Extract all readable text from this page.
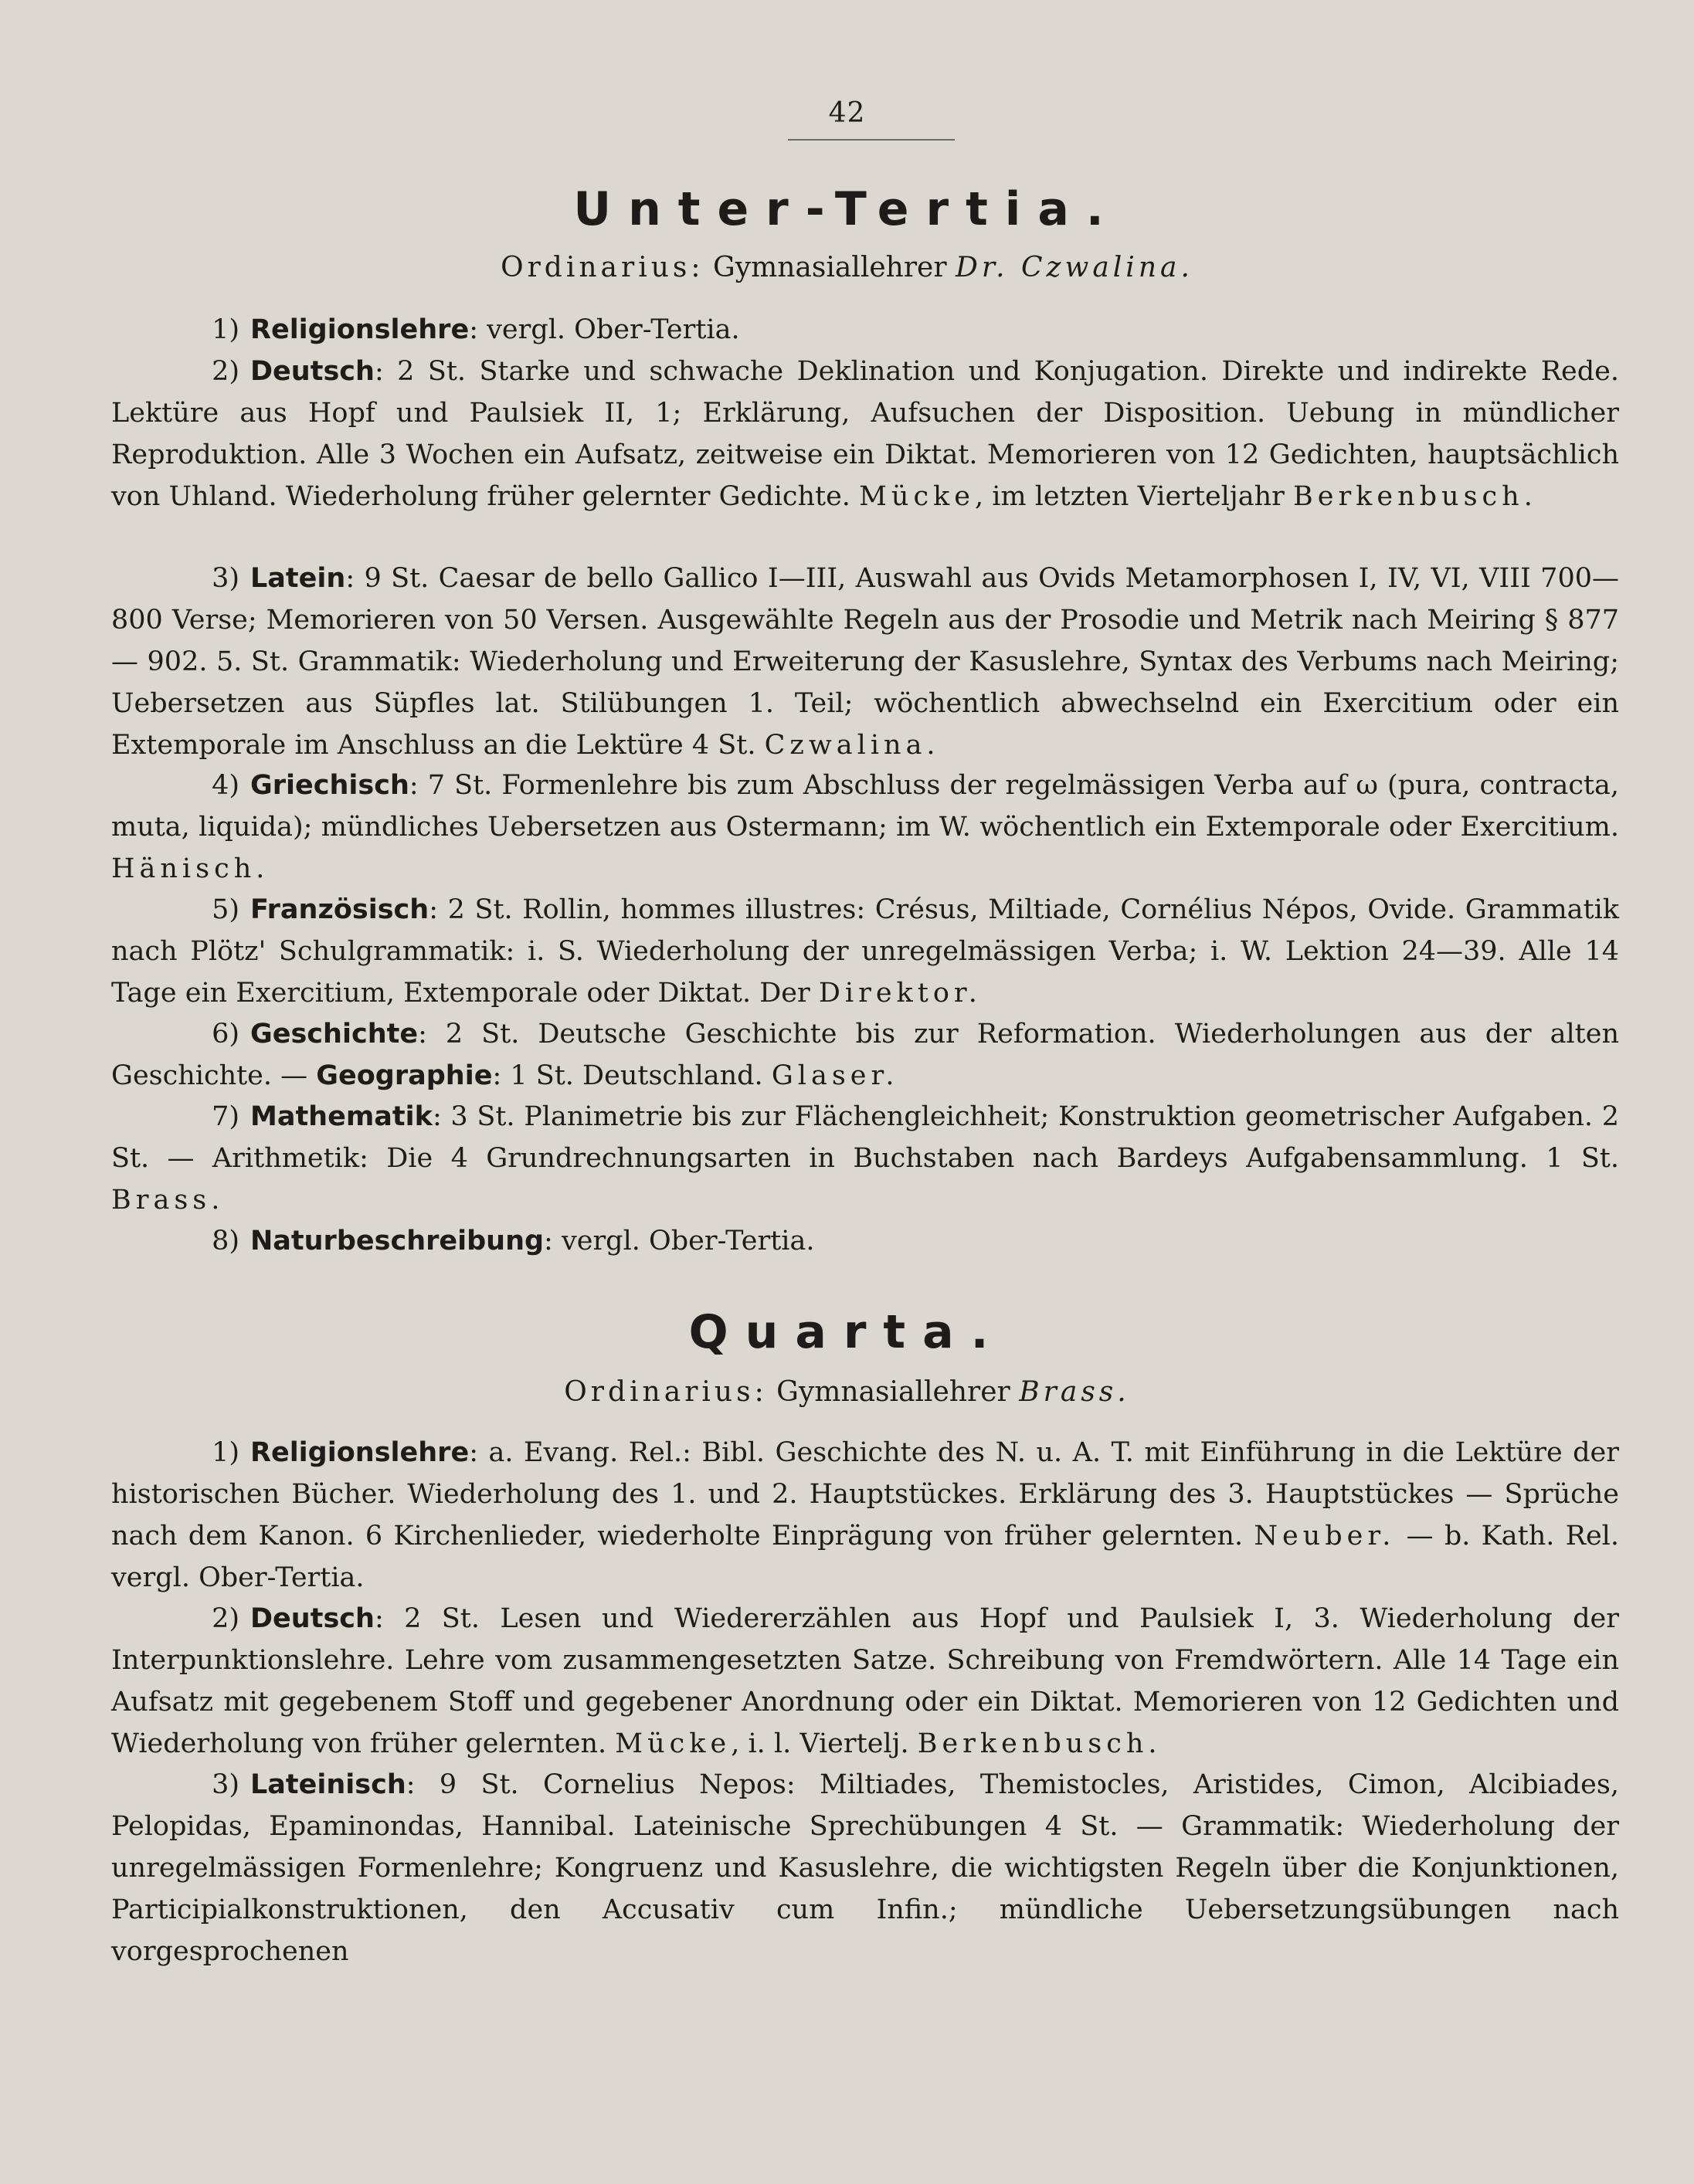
42
Unter-Tertia.
Ordinarius: Gymnasiallehrer Dr. Czwalina.
1) Religionslehre: vergl. Ober-Tertia.
2) Deutsch: 2 St. Starke und schwache Deklination und Konjugation. Direkte und indirekte Rede. Lektüre aus Hopf und Paulsiek II, 1; Erklärung, Aufsuchen der Disposition. Uebung in mündlicher Reproduktion. Alle 3 Wochen ein Aufsatz, zeitweise ein Diktat. Memorieren von 12 Gedichten, hauptsächlich von Uhland. Wiederholung früher gelernter Gedichte. Mücke, im letzten Vierteljahr Berkenbusch.
3) Latein: 9 St. Caesar de bello Gallico I—III, Auswahl aus Ovids Metamorphosen I, IV, VI, VIII 700—800 Verse; Memorieren von 50 Versen. Ausgewählte Regeln aus der Prosodie und Metrik nach Meiring § 877 — 902. 5. St. Grammatik: Wiederholung und Erweiterung der Kasuslehre, Syntax des Verbums nach Meiring; Uebersetzen aus Süpfles lat. Stilübungen 1. Teil; wöchentlich abwechselnd ein Exercitium oder ein Extemporale im Anschluss an die Lektüre 4 St. Czwalina.
4) Griechisch: 7 St. Formenlehre bis zum Abschluss der regelmässigen Verba auf ω (pura, contracta, muta, liquida); mündliches Uebersetzen aus Ostermann; im W. wöchentlich ein Extemporale oder Exercitium. Hänisch.
5) Französisch: 2 St. Rollin, hommes illustres: Crésus, Miltiade, Cornélius Népos, Ovide. Grammatik nach Plötz' Schulgrammatik: i. S. Wiederholung der unregelmässigen Verba; i. W. Lektion 24—39. Alle 14 Tage ein Exercitium, Extemporale oder Diktat. Der Direktor.
6) Geschichte: 2 St. Deutsche Geschichte bis zur Reformation. Wiederholungen aus der alten Geschichte. — Geographie: 1 St. Deutschland. Glaser.
7) Mathematik: 3 St. Planimetrie bis zur Flächengleichheit; Konstruktion geometrischer Aufgaben. 2 St. — Arithmetik: Die 4 Grundrechnungsarten in Buchstaben nach Bardeys Aufgabensammlung. 1 St. Brass.
8) Naturbeschreibung: vergl. Ober-Tertia.
Quarta.
Ordinarius: Gymnasiallehrer Brass.
1) Religionslehre: a. Evang. Rel.: Bibl. Geschichte des N. u. A. T. mit Einführung in die Lektüre der historischen Bücher. Wiederholung des 1. und 2. Hauptstückes. Erklärung des 3. Hauptstückes — Sprüche nach dem Kanon. 6 Kirchenlieder, wiederholte Einprägung von früher gelernten. Neuber. — b. Kath. Rel. vergl. Ober-Tertia.
2) Deutsch: 2 St. Lesen und Wiedererzählen aus Hopf und Paulsiek I, 3. Wiederholung der Interpunktionslehre. Lehre vom zusammengesetzten Satze. Schreibung von Fremdwörtern. Alle 14 Tage ein Aufsatz mit gegebenem Stoff und gegebener Anordnung oder ein Diktat. Memorieren von 12 Gedichten und Wiederholung von früher gelernten. Mücke, i. l. Viertelj. Berkenbusch.
3) Lateinisch: 9 St. Cornelius Nepos: Miltiades, Themistocles, Aristides, Cimon, Alcibiades, Pelopidas, Epaminondas, Hannibal. Lateinische Sprechübungen 4 St. — Grammatik: Wiederholung der unregelmässigen Formenlehre; Kongruenz und Kasuslehre, die wichtigsten Regeln über die Konjunktionen, Participialkonstruktionen, den Accusativ cum Infin.; mündliche Uebersetzungsübungen nach vorgesprochenen
